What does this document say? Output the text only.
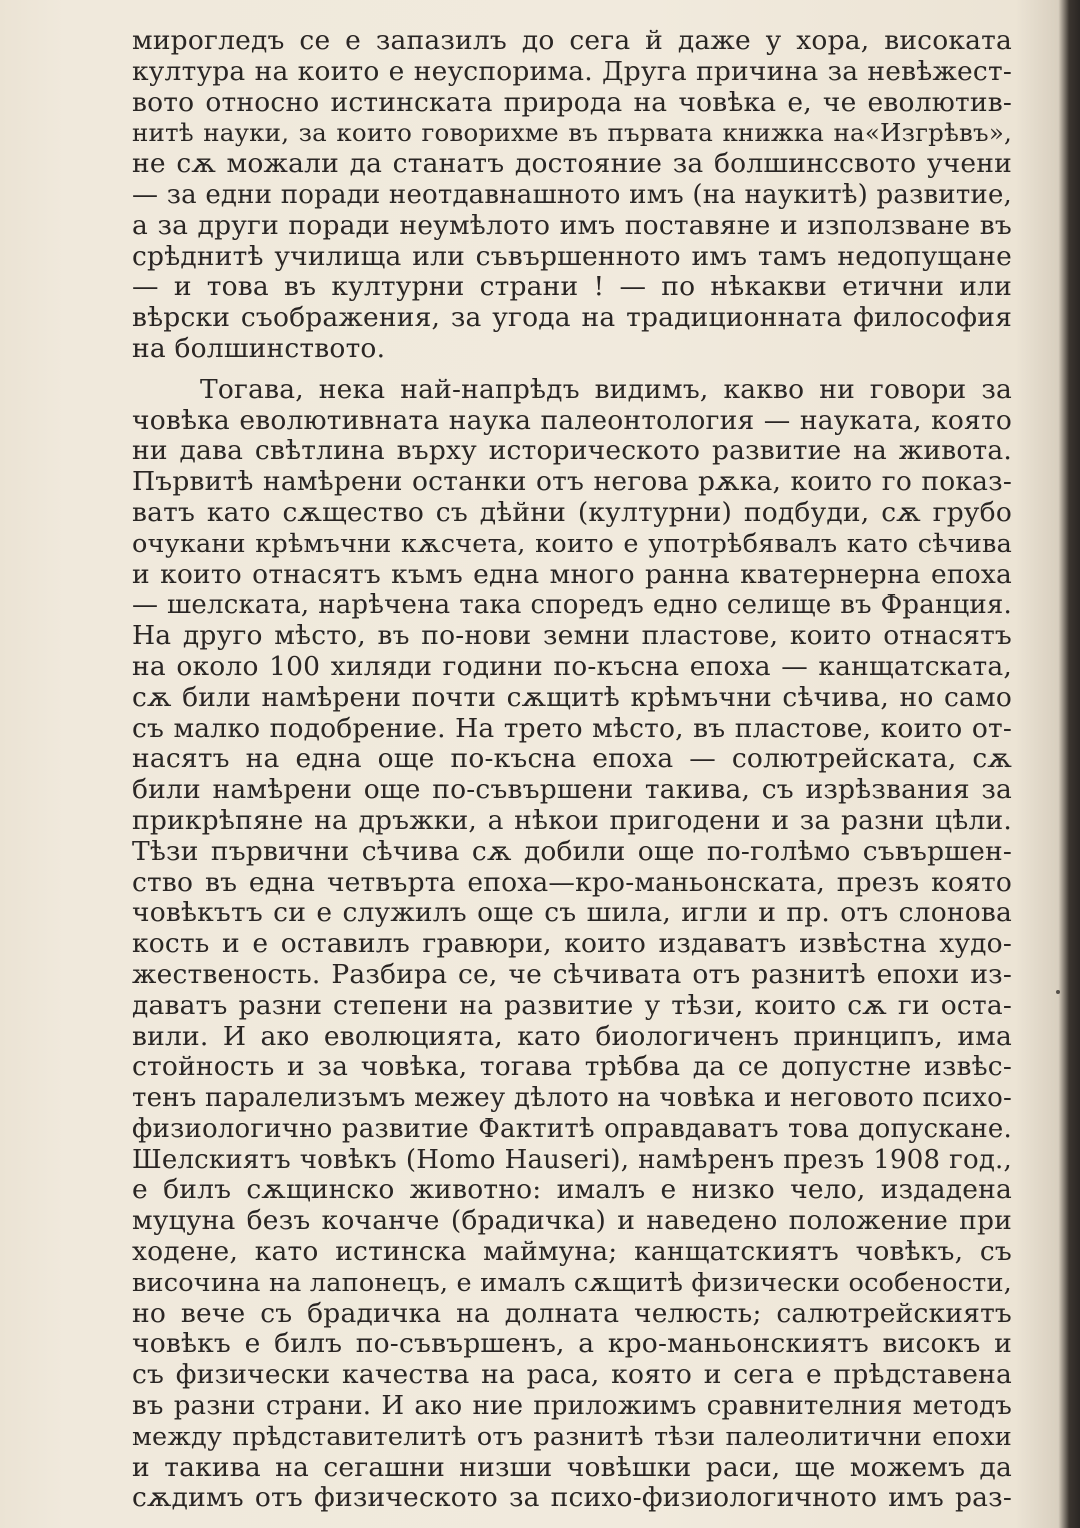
мирогледъ се е запазилъ до сега й даже у хора, високата
култура на които е неуспорима. Друга причина за невѣжест-
вото относно истинската природа на човѣка е, че еволютив-
нитѣ науки, за които говорихме въ първата книжка на«Изгрѣвъ»,
не сѫ можали да станатъ достояние за болшинссвото учени
— за едни поради неотдавнашното имъ (на наукитѣ) развитие,
а за други поради неумѣлото имъ поставяне и използване въ
срѣднитѣ училища или съвършенното имъ тамъ недопущане
— и това въ културни страни ! — по нѣкакви етични или
вѣрски съображения, за угода на традиционната философия
на болшинството.
Тогава, нека най-напрѣдъ видимъ, какво ни говори за
човѣка еволютивната наука палеонтология — науката, която
ни дава свѣтлина върху историческото развитие на живота.
Първитѣ намѣрени останки отъ негова рѫка, които го показ-
ватъ като сѫщество съ дѣйни (културни) подбуди, сѫ грубо
очукани крѣмъчни кѫсчета, които е употрѣбявалъ като сѣчива
и които отнасятъ къмъ една много ранна кватернерна епоха
— шелската, нарѣчена така споредъ едно селище въ Франция.
На друго мѣсто, въ по-нови земни пластове, които отнасятъ
на около 100 хиляди години по-късна епоха — канщатската,
сѫ били намѣрени почти сѫщитѣ крѣмъчни сѣчива, но само
съ малко подобрение. На трето мѣсто, въ пластове, които от-
насятъ на една още по-късна епоха — солютрейската, сѫ
били намѣрени още по-съвършени такива, съ изрѣзвания за
прикрѣпяне на дръжки, а нѣкои пригодени и за разни цѣли.
Тѣзи първични сѣчива сѫ добили още по-голѣмо съвършен-
ство въ една четвърта епоха—кро-маньонската, презъ която
човѣкътъ си е служилъ още съ шила, игли и пр. отъ слонова
кость и е оставилъ гравюри, които издаватъ извѣстна худо-
жественость. Разбира се, че сѣчивата отъ разнитѣ епохи из-
даватъ разни степени на развитие у тѣзи, които сѫ ги оста-
вили. И ако еволюцията, като биологиченъ принципъ, има
стойность и за човѣка, тогава трѣбва да се допустне извѣс-
тенъ паралелизъмъ межеу дѣлото на човѣка и неговото психо-
физиологично развитие Фактитѣ оправдаватъ това допускане.
Шелскиятъ човѣкъ (Homo Hauseri), намѣренъ презъ 1908 год.,
е билъ сѫщинско животно: ималъ е низко чело, издадена
муцуна безъ кочанче (брадичка) и наведено положение при
ходене, като истинска маймуна; канщатскиятъ човѣкъ, съ
височина на лапонецъ, е ималъ сѫщитѣ физически особености,
но вече съ брадичка на долната челюсть; салютрейскиятъ
човѣкъ е билъ по-съвършенъ, а кро-маньонскиятъ високъ и
съ физически качества на раса, която и сега е прѣдставена
въ разни страни. И ако ние приложимъ сравнителния методъ
между прѣдставителитѣ отъ разнитѣ тѣзи палеолитични епохи
и такива на сегашни низши човѣшки раси, ще можемъ да
сѫдимъ отъ физическото за психо-физиологичното имъ раз-
